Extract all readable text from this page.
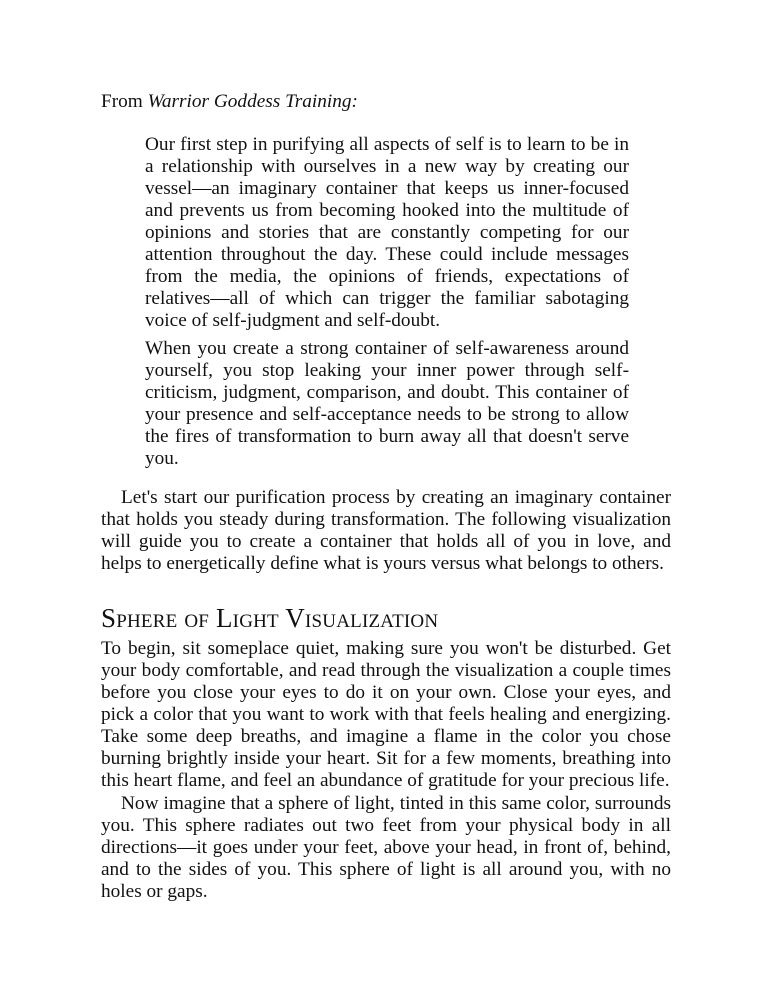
From Warrior Goddess Training:

Our first step in purifying all aspects of self is to learn to be in a relationship with ourselves in a new way by creating our vessel—an imaginary container that keeps us inner-focused and prevents us from becoming hooked into the multitude of opinions and stories that are constantly competing for our attention throughout the day. These could include messages from the media, the opinions of friends, expectations of relatives—all of which can trigger the familiar sabotaging voice of self-judgment and self-doubt.

When you create a strong container of self-awareness around yourself, you stop leaking your inner power through self-criticism, judgment, comparison, and doubt. This container of your presence and self-acceptance needs to be strong to allow the fires of transformation to burn away all that doesn't serve you.

Let's start our purification process by creating an imaginary container that holds you steady during transformation. The following visualization will guide you to create a container that holds all of you in love, and helps to energetically define what is yours versus what belongs to others.

Sphere of Light Visualization

To begin, sit someplace quiet, making sure you won't be disturbed. Get your body comfortable, and read through the visualization a couple times before you close your eyes to do it on your own. Close your eyes, and pick a color that you want to work with that feels healing and energizing. Take some deep breaths, and imagine a flame in the color you chose burning brightly inside your heart. Sit for a few moments, breathing into this heart flame, and feel an abundance of gratitude for your precious life.

Now imagine that a sphere of light, tinted in this same color, surrounds you. This sphere radiates out two feet from your physical body in all directions—it goes under your feet, above your head, in front of, behind, and to the sides of you. This sphere of light is all around you, with no holes or gaps.
